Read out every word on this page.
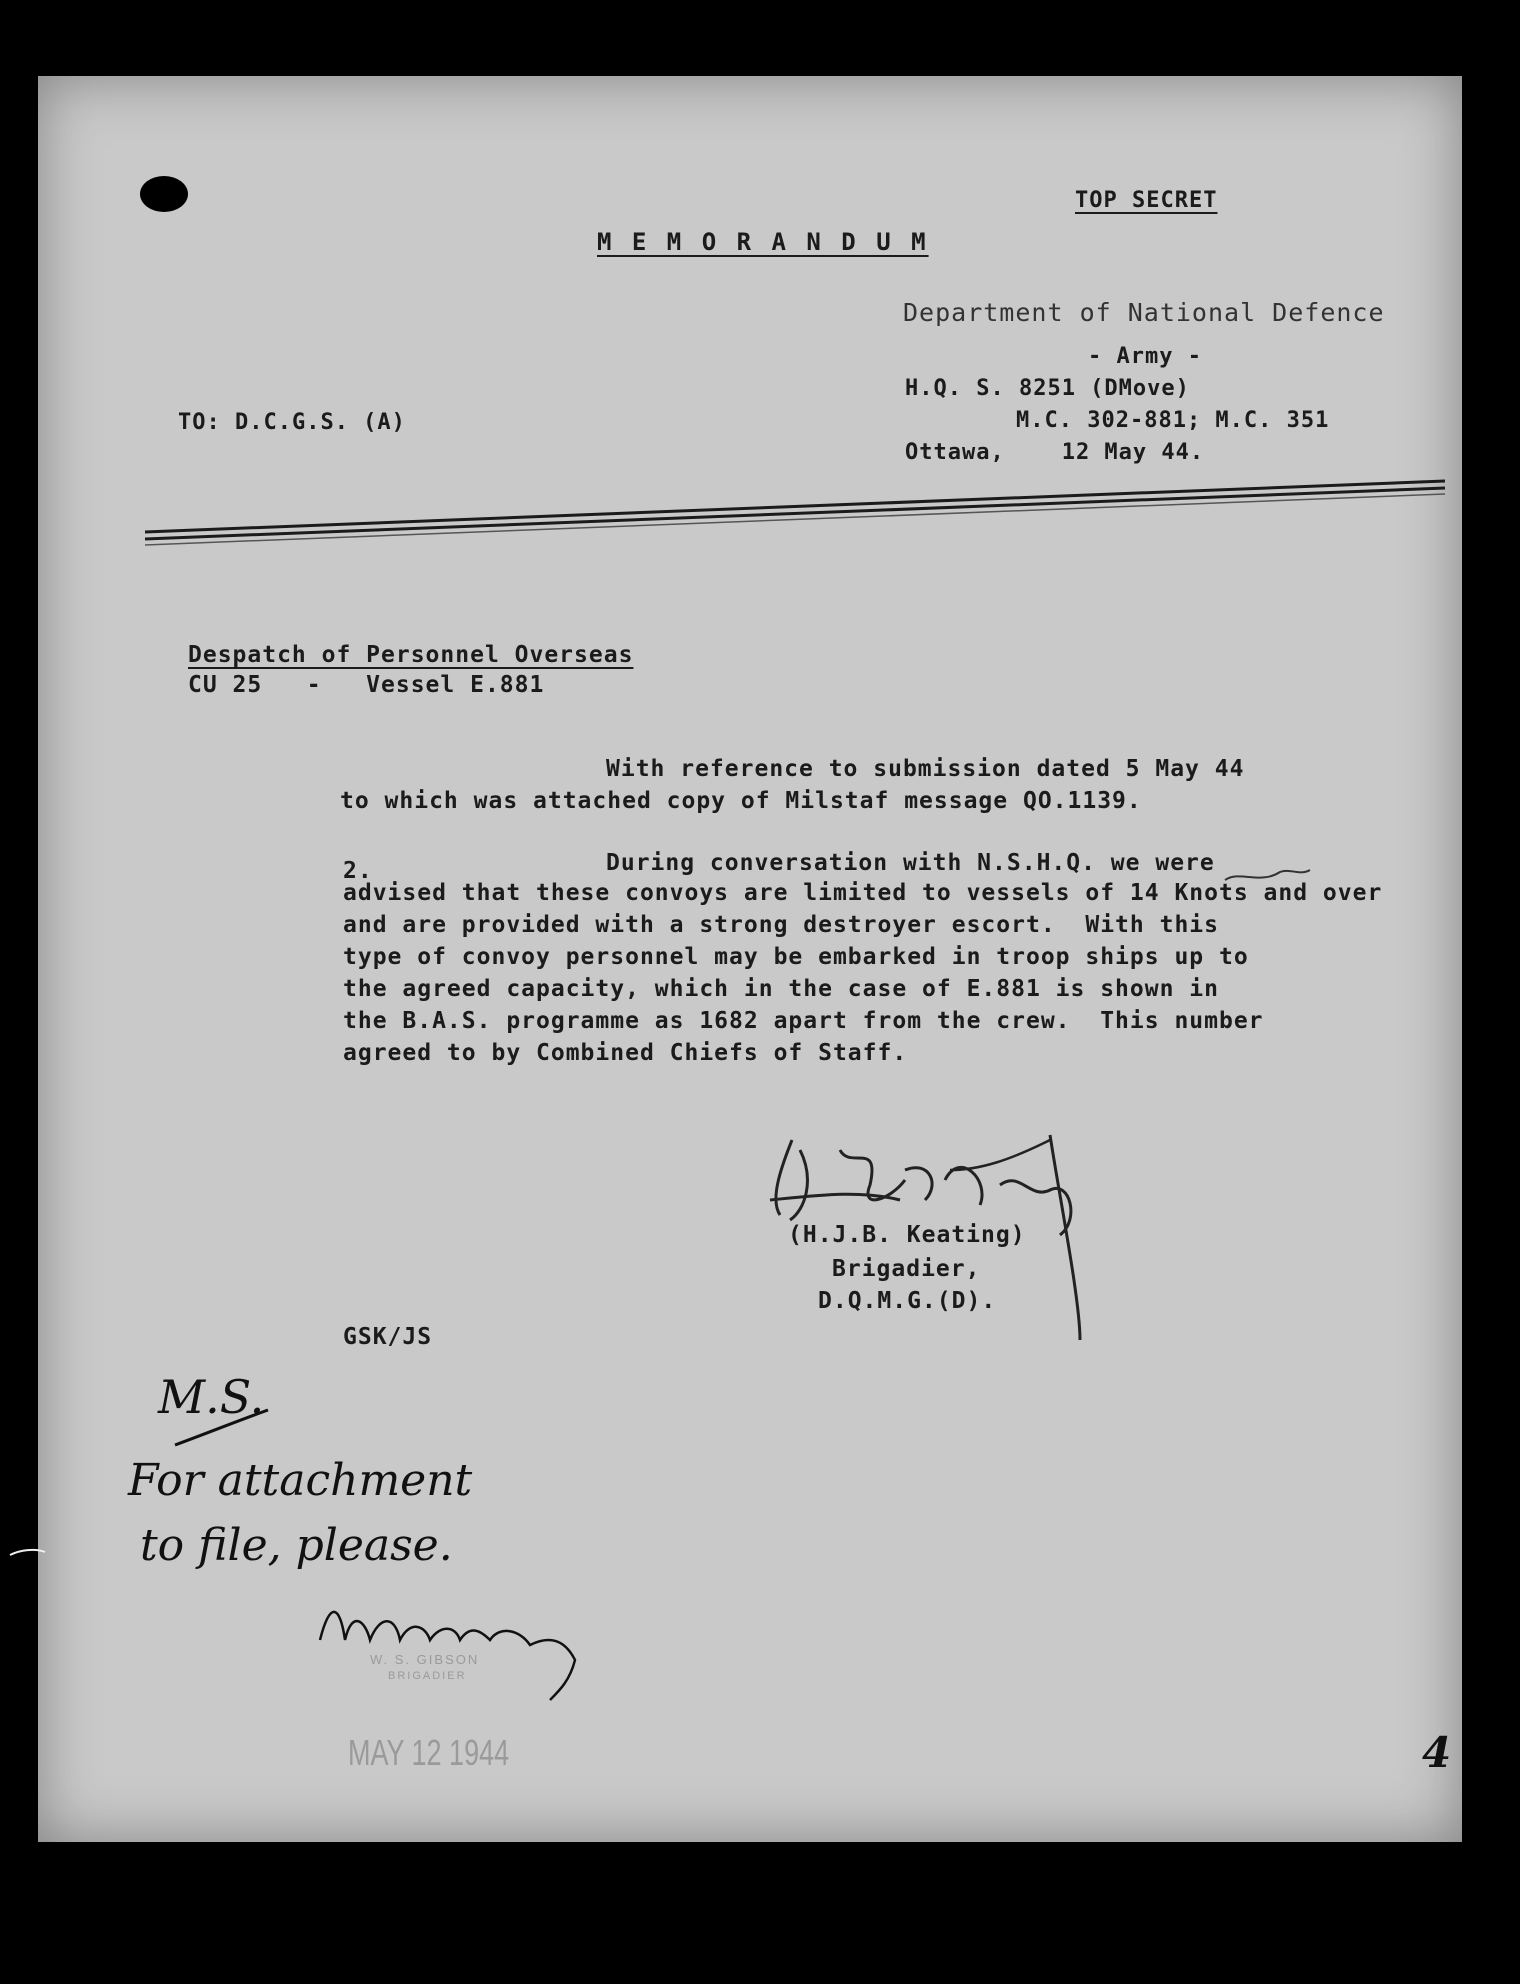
TOP SECRET
M E M O R A N D U M
Department of National Defence
- Army -
H.Q. S. 8251 (DMove)
M.C. 302-881; M.C. 351
Ottawa,    12 May 44.
TO: D.C.G.S. (A)
Despatch of Personnel Overseas
CU 25   -   Vessel E.881
With reference to submission dated 5 May 44
to which was attached copy of Milstaf message QO.1139.
2.	During conversation with N.S.H.Q. we were
advised that these convoys are limited to vessels of 14 Knots and over
and are provided with a strong destroyer escort.  With this
type of convoy personnel may be embarked in troop ships up to
the agreed capacity, which in the case of E.881 is shown in
the B.A.S. programme as 1682 apart from the crew.  This number
agreed to by Combined Chiefs of Staff.
(H.J.B. Keating)
Brigadier,
D.Q.M.G.(D).
GSK/JS
M.S.
For attachment
to file, please.
W. S. GIBSON
BRIGADIER
MAY 12 1944	4
